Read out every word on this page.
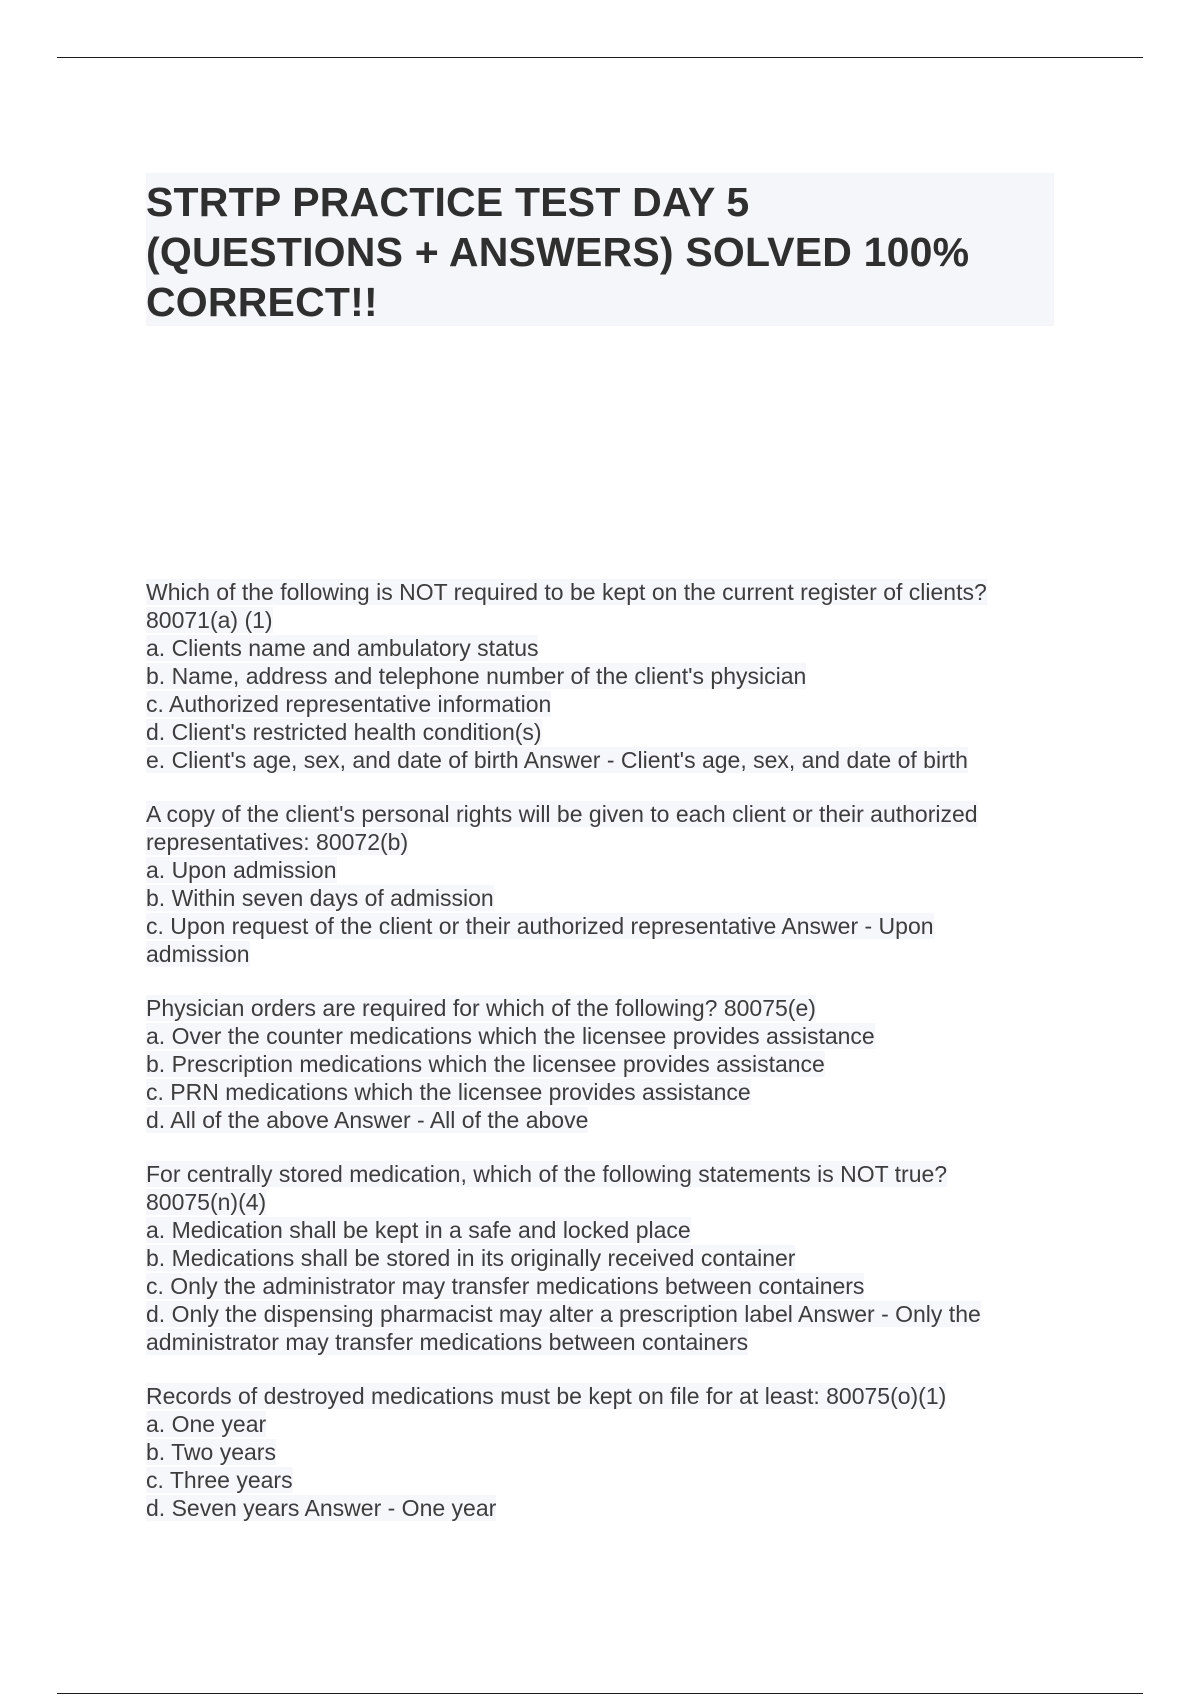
STRTP PRACTICE TEST DAY 5
(QUESTIONS + ANSWERS) SOLVED 100%
CORRECT!!
Which of the following is NOT required to be kept on the current register of clients?
80071(a) (1)
a. Clients name and ambulatory status
b. Name, address and telephone number of the client's physician
c. Authorized representative information
d. Client's restricted health condition(s)
e. Client's age, sex, and date of birth Answer - Client's age, sex, and date of birth
A copy of the client's personal rights will be given to each client or their authorized
representatives: 80072(b)
a. Upon admission
b. Within seven days of admission
c. Upon request of the client or their authorized representative Answer - Upon
admission
Physician orders are required for which of the following? 80075(e)
a. Over the counter medications which the licensee provides assistance
b. Prescription medications which the licensee provides assistance
c. PRN medications which the licensee provides assistance
d. All of the above Answer - All of the above
For centrally stored medication, which of the following statements is NOT true?
80075(n)(4)
a. Medication shall be kept in a safe and locked place
b. Medications shall be stored in its originally received container
c. Only the administrator may transfer medications between containers
d. Only the dispensing pharmacist may alter a prescription label Answer - Only the
administrator may transfer medications between containers
Records of destroyed medications must be kept on file for at least: 80075(o)(1)
a. One year
b. Two years
c. Three years
d. Seven years Answer - One year
